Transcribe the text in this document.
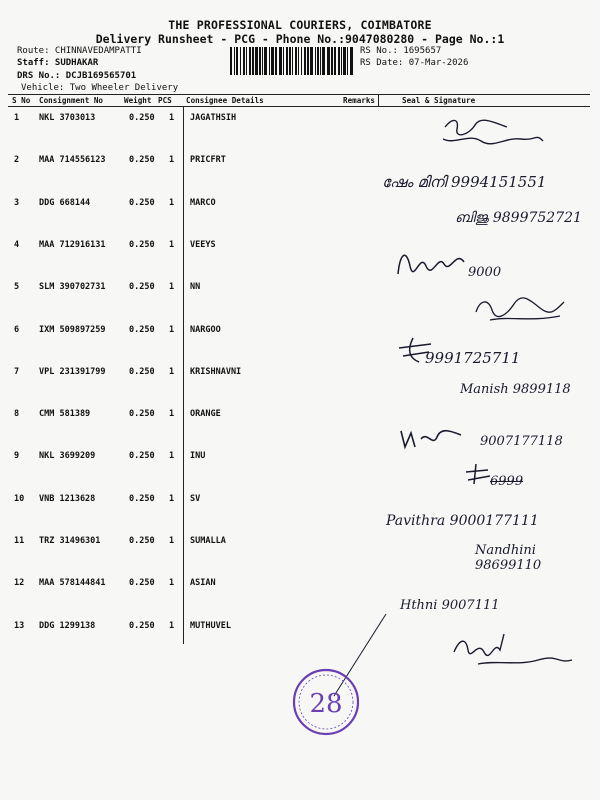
THE PROFESSIONAL COURIERS, COIMBATORE
Delivery Runsheet - PCG - Phone No.:9047080280 - Page No.:1
Route: CHINNAVEDAMPATTI
Staff: SUDHAKAR
DRS No.: DCJB169565701
Vehicle: Two Wheeler Delivery
RS No.: 1695657
RS Date: 07-Mar-2026
S No Consignment No	Weight PCS Consignee Details	Remarks	Seal & Signature
1 NKL 3703013	0.250 1 JAGATHSIH
2 MAA 714556123	0.250 1 PRICFRT
3 DDG 668144	0.250 1 MARCO
4 MAA 712916131	0.250 1 VEEYS
5 SLM 390702731	0.250 1 NN
6 IXM 509897259	0.250 1 NARGOO
7 VPL 231391799	0.250 1 KRISHNAVNI
8 CMM 581389	0.250 1 ORANGE
9 NKL 3699209	0.250 1 INU
10 VNB 1213628	0.250 1 SV
11 TRZ 31496301	0.250 1 SUMALLA
12 MAA 578144841	0.250 1 ASIAN
13 DDG 1299138	0.250 1 MUTHUVEL
ഷേം മിനി 9994151551
ബിജു 9899752721
9000
9991725711
Manish 9899118
9007177118
6999
Pavithra 9000177111
Nandhini 98699110
Hthni 9007111
28
